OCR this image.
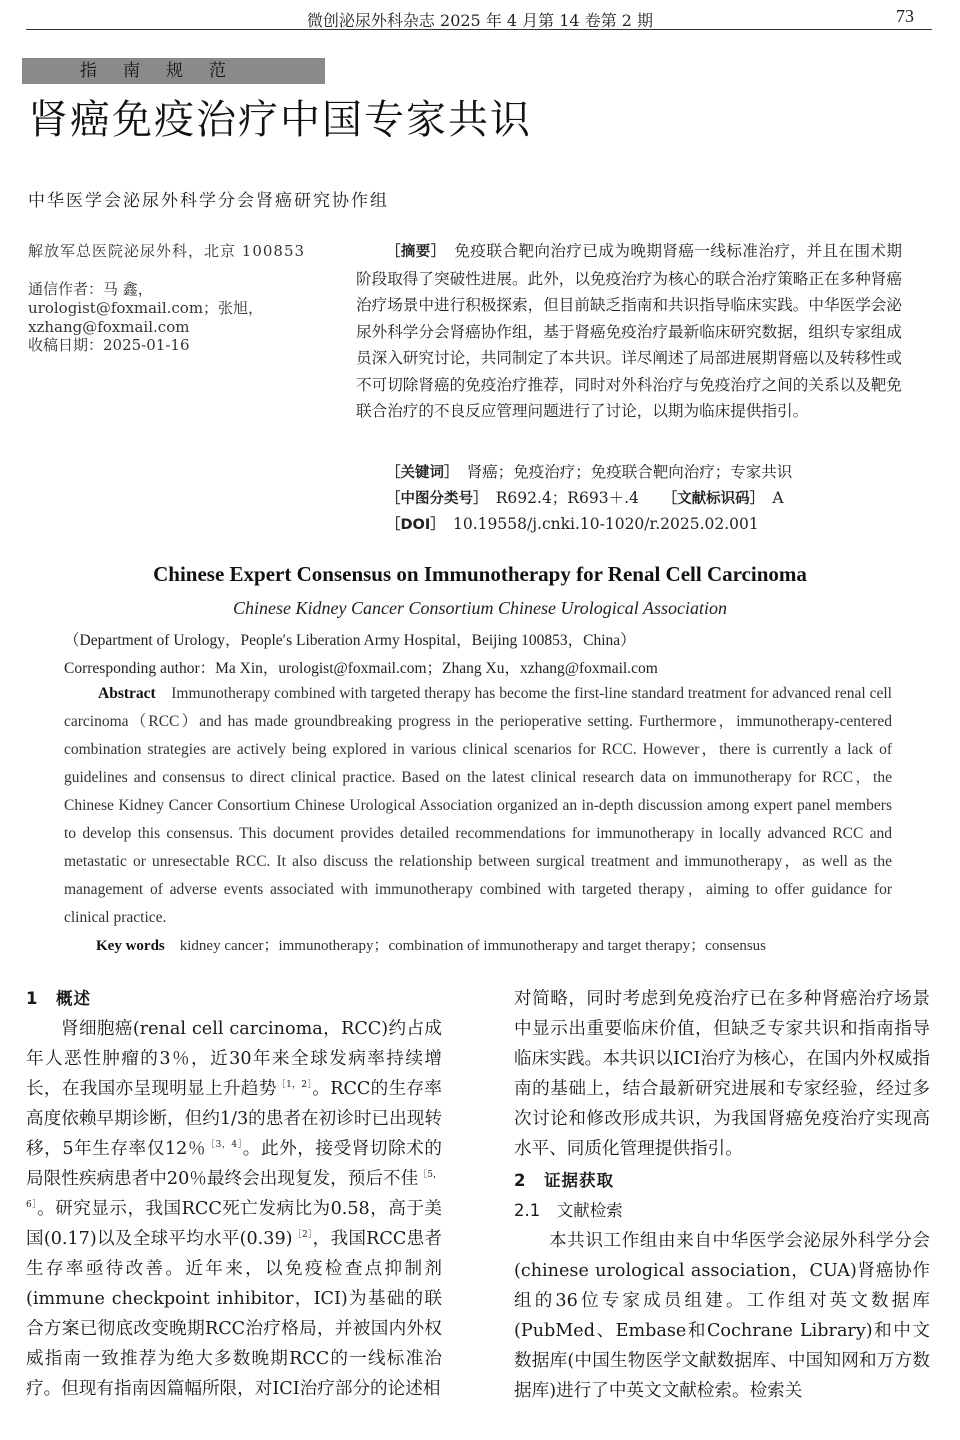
微创泌尿外科杂志 2025 年 4 月第 14 卷第 2 期	73
指南规范
肾癌免疫治疗中国专家共识
中华医学会泌尿外科学分会肾癌研究协作组
解放军总医院泌尿外科，北京 100853
通信作者：马 鑫，urologist@foxmail.com；张旭，xzhang@foxmail.com
收稿日期：2025-01-16

［摘要］　 免疫联合靶向治疗已成为晚期肾癌一线标准治疗，并且在围术期阶段取得了突破性进展。此外，以免疫治疗为核心的联合治疗策略正在多种肾癌治疗场景中进行积极探索，但目前缺乏指南和共识指导临床实践。中华医学会泌尿外科学分会肾癌协作组，基于肾癌免疫治疗最新临床研究数据，组织专家组成员深入研究讨论，共同制定了本共识。详尽阐述了局部进展期肾癌以及转移性或不可切除肾癌的免疫治疗推荐，同时对外科治疗与免疫治疗之间的关系以及靶免联合治疗的不良反应管理问题进行了讨论，以期为临床提供指引。

［关键词］　 肾癌；免疫治疗；免疫联合靶向治疗；专家共识
［中图分类号］　 R692.4；R693＋.4　　 ［文献标识码］　 A
［DOI］　 10.19558/j.cnki.10-1020/r.2025.02.001
Chinese Expert Consensus on Immunotherapy for Renal Cell Carcinoma
Chinese Kidney Cancer Consortium Chinese Urological Association
（Department of Urology，People′s Liberation Army Hospital，Beijing 100853，China）
Corresponding author：Ma Xin，urologist@foxmail.com；Zhang Xu，xzhang@foxmail.com

Abstract　 Immunotherapy combined with targeted therapy has become the first-line standard treatment for advanced renal cell carcinoma（RCC）and has made groundbreaking progress in the perioperative setting. Furthermore，immunotherapy-centered combination strategies are actively being explored in various clinical scenarios for RCC. However，there is currently a lack of guidelines and consensus to direct clinical practice. Based on the latest clinical research data on immunotherapy for RCC，the Chinese Kidney Cancer Consortium Chinese Urological Association organized an in-depth discussion among expert panel members to develop this consensus. This document provides detailed recommendations for immunotherapy in locally advanced RCC and metastatic or unresectable RCC. It also discuss the relationship between surgical treatment and immunotherapy，as well as the management of adverse events associated with immunotherapy combined with targeted therapy，aiming to offer guidance for clinical practice.

Key words　 kidney cancer；immunotherapy；combination of immunotherapy and target therapy；consensus
1　概述

肾细胞癌(renal cell carcinoma，RCC)约占成年人恶性肿瘤的3％，近30年来全球发病率持续增长，在我国亦呈现明显上升趋势$^{[1,2]}$。RCC的生存率高度依赖早期诊断，但约1/3的患者在初诊时已出现转移，5年生存率仅12％$^{[3,4]}$。此外，接受肾切除术的局限性疾病患者中20％最终会出现复发，预后不佳$^{[5,6]}$。研究显示，我国RCC死亡发病比为0.58，高于美国(0.17)以及全球平均水平$(0.39)^{[2]}$，我国RCC患者生存率亟待改善。近年来，以免疫检查点抑制剂(immune checkpoint inhibitor，ICI)为基础的联合方案已彻底改变晚期RCC治疗格局，并被国内外权威指南一致推荐为绝大多数晚期RCC的一线标准治疗。但现有指南因篇幅所限，对ICI治疗部分的论述相

对简略，同时考虑到免疫治疗已在多种肾癌治疗场景中显示出重要临床价值，但缺乏专家共识和指南指导临床实践。本共识以ICI治疗为核心，在国内外权威指南的基础上，结合最新研究进展和专家经验，经过多次讨论和修改形成共识，为我国肾癌免疫治疗实现高水平、同质化管理提供指引。

2　证据获取
2.1　文献检索

本共识工作组由来自中华医学会泌尿外科学分会(chinese urological association，CUA)肾癌协作组的36位专家成员组建。工作组对英文数据库(PubMed、Embase和Cochrane Library)和中文数据库(中国生物医学文献数据库、中国知网和万方数据库)进行了中英文文献检索。检索关
